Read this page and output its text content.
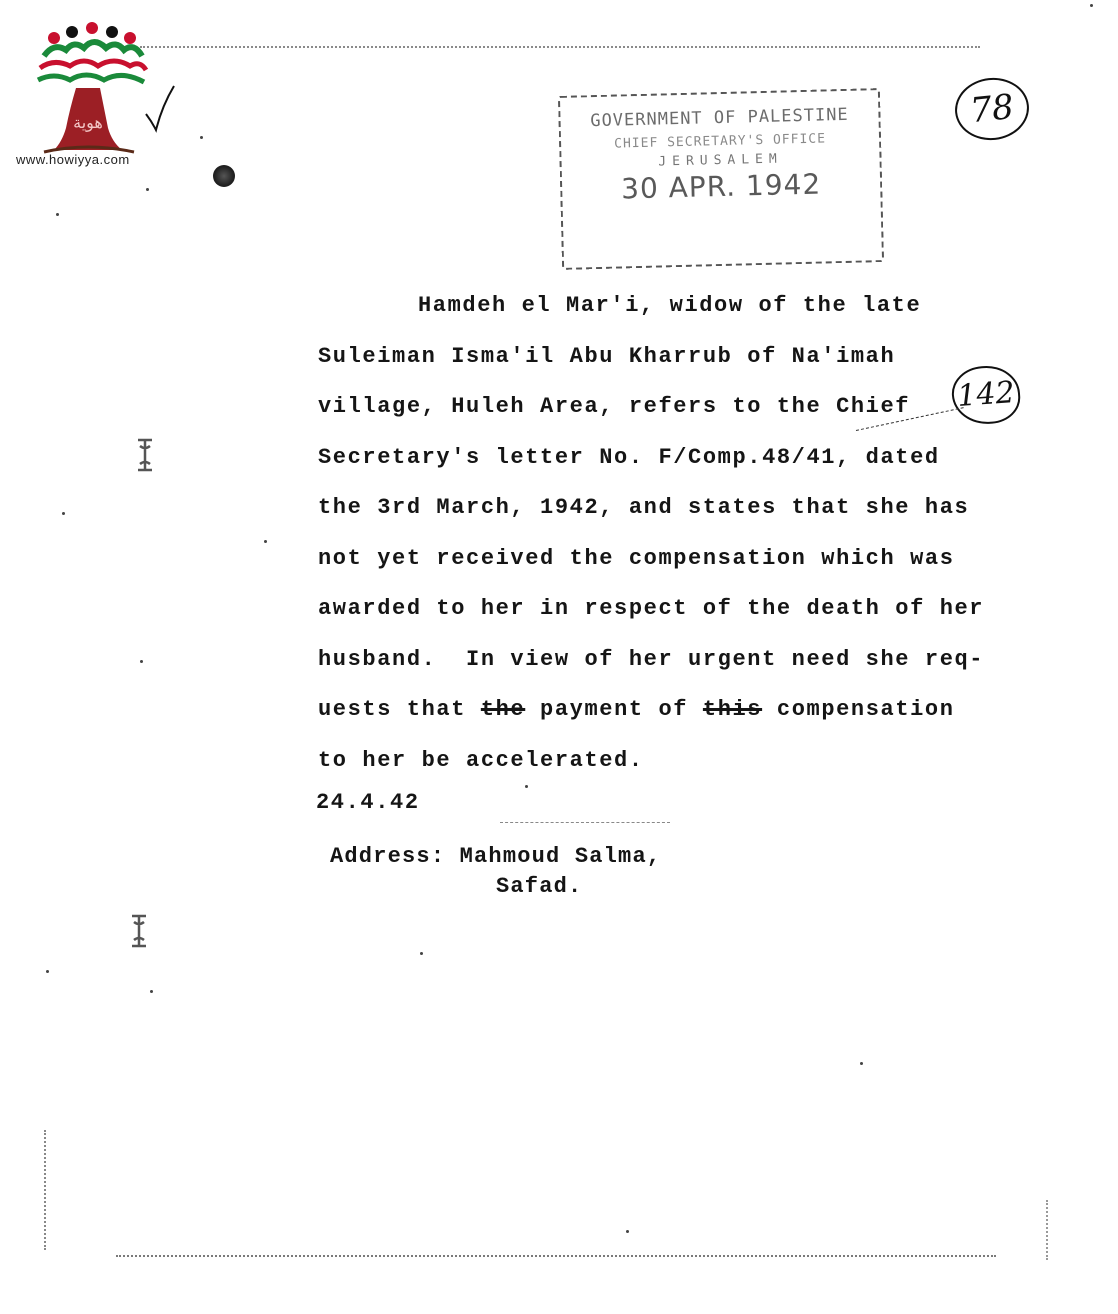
هوية
www.howiyya.com
GOVERNMENT OF PALESTINE
CHIEF SECRETARY'S OFFICE
JERUSALEM
30 APR. 1942
78
142
Hamdeh el Mar'i, widow of the late
Suleiman Isma'il Abu Kharrub of Na'imah
village, Huleh Area, refers to the Chief
Secretary's letter No. F/Comp.48/41, dated
the 3rd March, 1942, and states that she has
not yet received the compensation which was
awarded to her in respect of the death of her
husband.  In view of her urgent need she req-
uests that the payment of this compensation
to her be accelerated.
24.4.42
Address: Mahmoud Salma,
Safad.
